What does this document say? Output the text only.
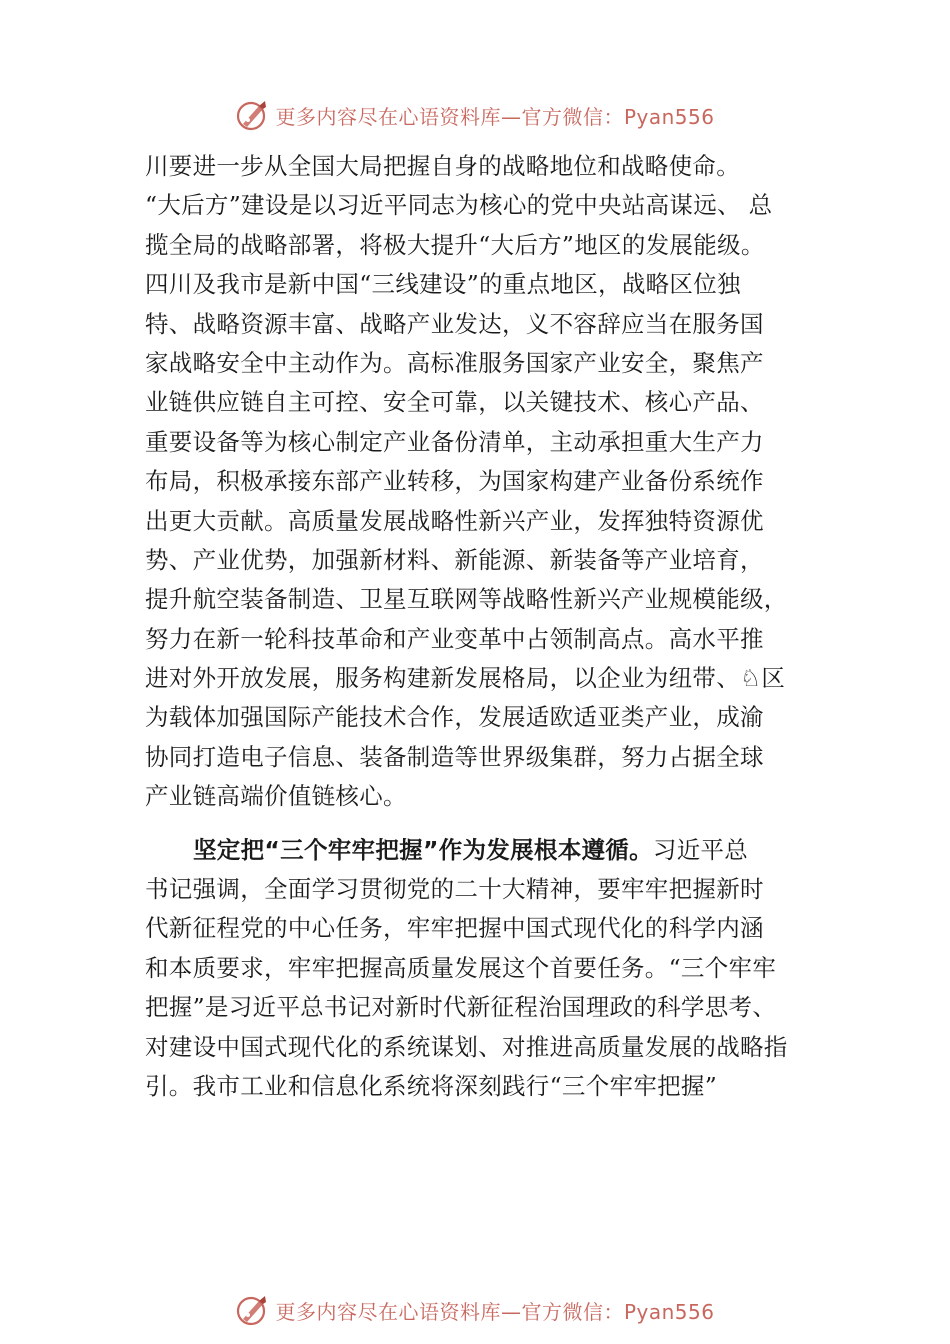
更多内容尽在心语资料库—官方微信：Pyan556
川要进一步从全国大局把握自身的战略地位和战略使命。
“大后方”建设是以习近平同志为核心的党中央站高谋远、 总
揽全局的战略部署，将极大提升“大后方”地区的发展能级。
四川及我市是新中国“三线建设”的重点地区，战略区位独
特、战略资源丰富、战略产业发达，义不容辞应当在服务国
家战略安全中主动作为。高标准服务国家产业安全，聚焦产
业链供应链自主可控、安全可靠，以关键技术、核心产品、
重要设备等为核心制定产业备份清单，主动承担重大生产力
布局，积极承接东部产业转移，为国家构建产业备份系统作
出更大贡献。高质量发展战略性新兴产业，发挥独特资源优
势、产业优势，加强新材料、新能源、新装备等产业培育，
提升航空装备制造、卫星互联网等战略性新兴产业规模能级，
努力在新一轮科技革命和产业变革中占领制高点。高水平推
进对外开放发展，服务构建新发展格局，以企业为纽带、♘区
为载体加强国际产能技术合作，发展适欧适亚类产业，成渝
协同打造电子信息、装备制造等世界级集群，努力占据全球
产业链高端价值链核心。
坚定把“三个牢牢把握”作为发展根本遵循。习近平总
书记强调，全面学习贯彻党的二十大精神，要牢牢把握新时
代新征程党的中心任务，牢牢把握中国式现代化的科学内涵
和本质要求，牢牢把握高质量发展这个首要任务。“三个牢牢
把握”是习近平总书记对新时代新征程治国理政的科学思考、
对建设中国式现代化的系统谋划、对推进高质量发展的战略指
引。我市工业和信息化系统将深刻践行“三个牢牢把握”
更多内容尽在心语资料库—官方微信：Pyan556
